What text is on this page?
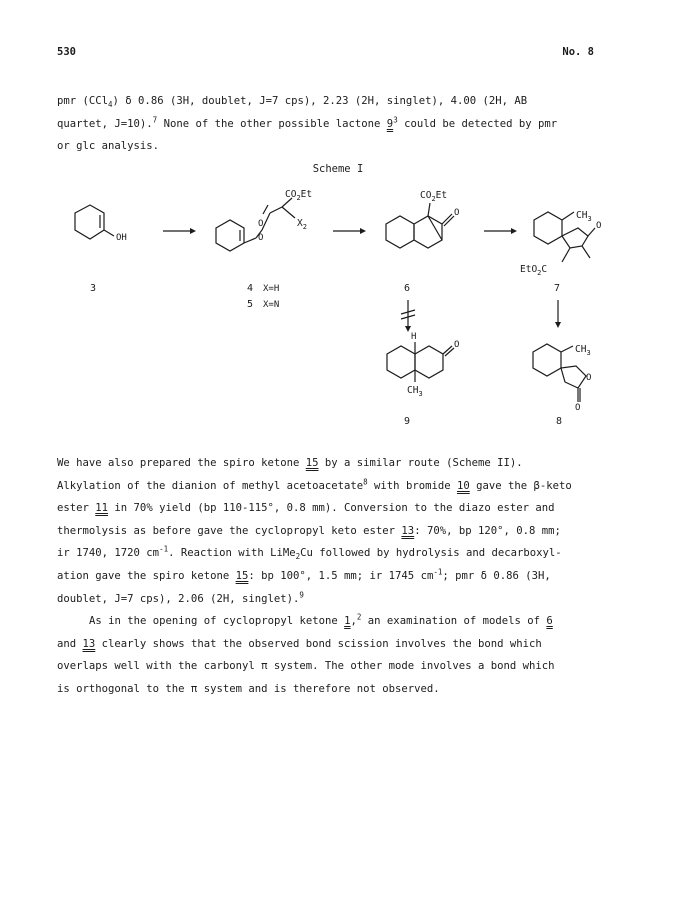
530	No. 8
pmr (CCl$_4$) δ 0.86 (3H, doublet, J=7 cps), 2.23 (2H, singlet), 4.00 (2H, AB
quartet, J=10).$^7$ None of the other possible lactone $9^3$ could be detected by pmr
or glc analysis.
Scheme I
OH
3
$CO_2Et$
$X_2$
O
O
4 X=H
5 X=N
$CO_2Et$
O
6
$CH_3$
O
EtO$_2$C
7
H
O
$CH_3$
9
$CH_3$
O
O
8
We have also prepared the spiro ketone 15 by a similar route (Scheme II).
Alkylation of the dianion of methyl acetoacetate$^8$ with bromide 10 gave the β-keto
ester 11 in 70% yield (bp 110-115°, 0.8 mm). Conversion to the diazo ester and
thermolysis as before gave the cyclopropyl keto ester 13: 70%, bp 120°, 0.8 mm;
ir 1740, 1720 $cm^{-1}$. Reaction with LiMe$_2$Cu followed by hydrolysis and decarboxyl-
ation gave the spiro ketone 15: bp 100°, 1.5 mm; ir 1745 $cm^{-1}$; pmr δ 0.86 (3H,
doublet, J=7 cps), 2.06 (2H, singlet).$^9$
As in the opening of cyclopropyl ketone 1,$^2$ an examination of models of 6
and 13 clearly shows that the observed bond scission involves the bond which
overlaps well with the carbonyl π system. The other mode involves a bond which
is orthogonal to the π system and is therefore not observed.
